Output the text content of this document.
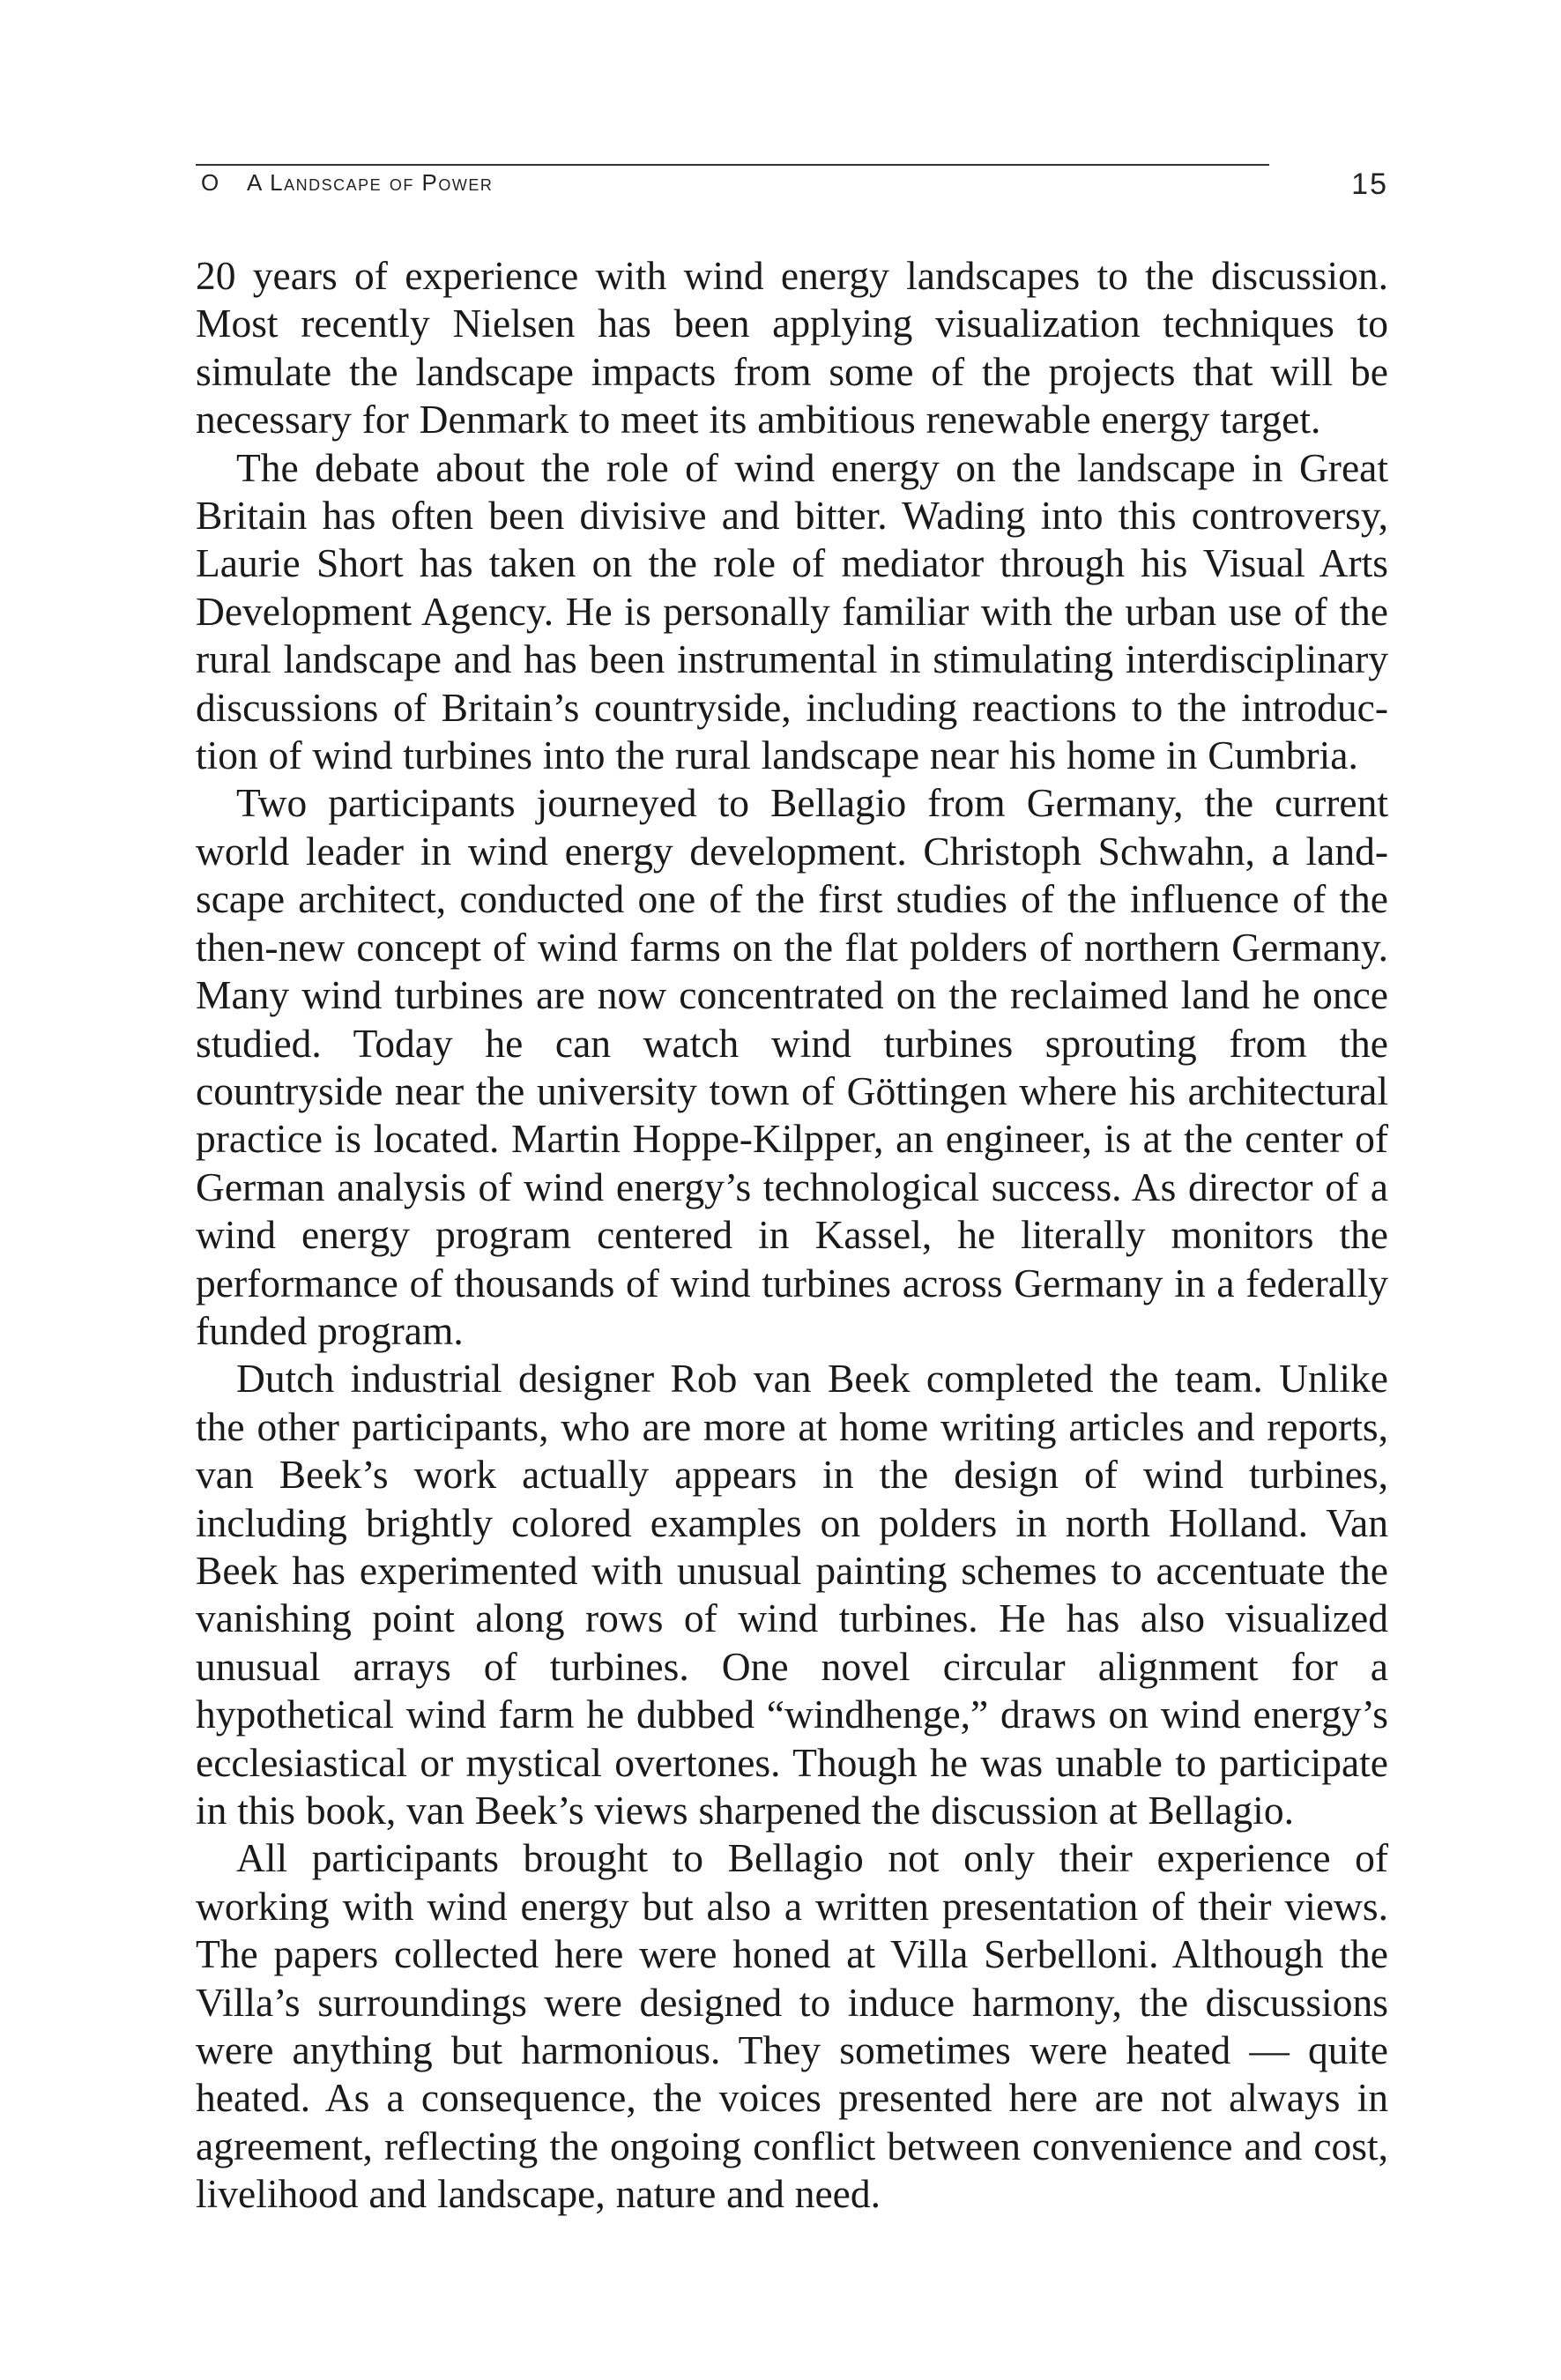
O A Landscape of Power	15

20 years of experience with wind energy landscapes to the discussion. Most recently Nielsen has been applying visualization techniques to simulate the landscape impacts from some of the projects that will be necessary for Denmark to meet its ambitious renewable energy target.

The debate about the role of wind energy on the landscape in Great Britain has often been divisive and bitter. Wading into this controversy, Laurie Short has taken on the role of mediator through his Visual Arts Development Agency. He is personally familiar with the urban use of the rural landscape and has been instrumental in stimulating interdisciplinary discussions of Britain’s countryside, including reactions to the introduction of wind turbines into the rural landscape near his home in Cumbria.

Two participants journeyed to Bellagio from Germany, the current world leader in wind energy development. Christoph Schwahn, a landscape architect, conducted one of the first studies of the influence of the then-new concept of wind farms on the flat polders of northern Germany. Many wind turbines are now concentrated on the reclaimed land he once studied. Today he can watch wind turbines sprouting from the countryside near the university town of Göttingen where his architectural practice is located. Martin Hoppe-Kilpper, an engineer, is at the center of German analysis of wind energy’s technological success. As director of a wind energy program centered in Kassel, he literally monitors the performance of thousands of wind turbines across Germany in a federally funded program.

Dutch industrial designer Rob van Beek completed the team. Unlike the other participants, who are more at home writing articles and reports, van Beek’s work actually appears in the design of wind turbines, including brightly colored examples on polders in north Holland. Van Beek has experimented with unusual painting schemes to accentuate the vanishing point along rows of wind turbines. He has also visualized unusual arrays of turbines. One novel circular alignment for a hypothetical wind farm he dubbed “windhenge,” draws on wind energy’s ecclesiastical or mystical overtones. Though he was unable to participate in this book, van Beek’s views sharpened the discussion at Bellagio.

All participants brought to Bellagio not only their experience of working with wind energy but also a written presentation of their views. The papers collected here were honed at Villa Serbelloni. Although the Villa’s surroundings were designed to induce harmony, the discussions were anything but harmonious. They sometimes were heated — quite heated. As a consequence, the voices presented here are not always in agreement, reflecting the ongoing conflict between convenience and cost, livelihood and landscape, nature and need.
